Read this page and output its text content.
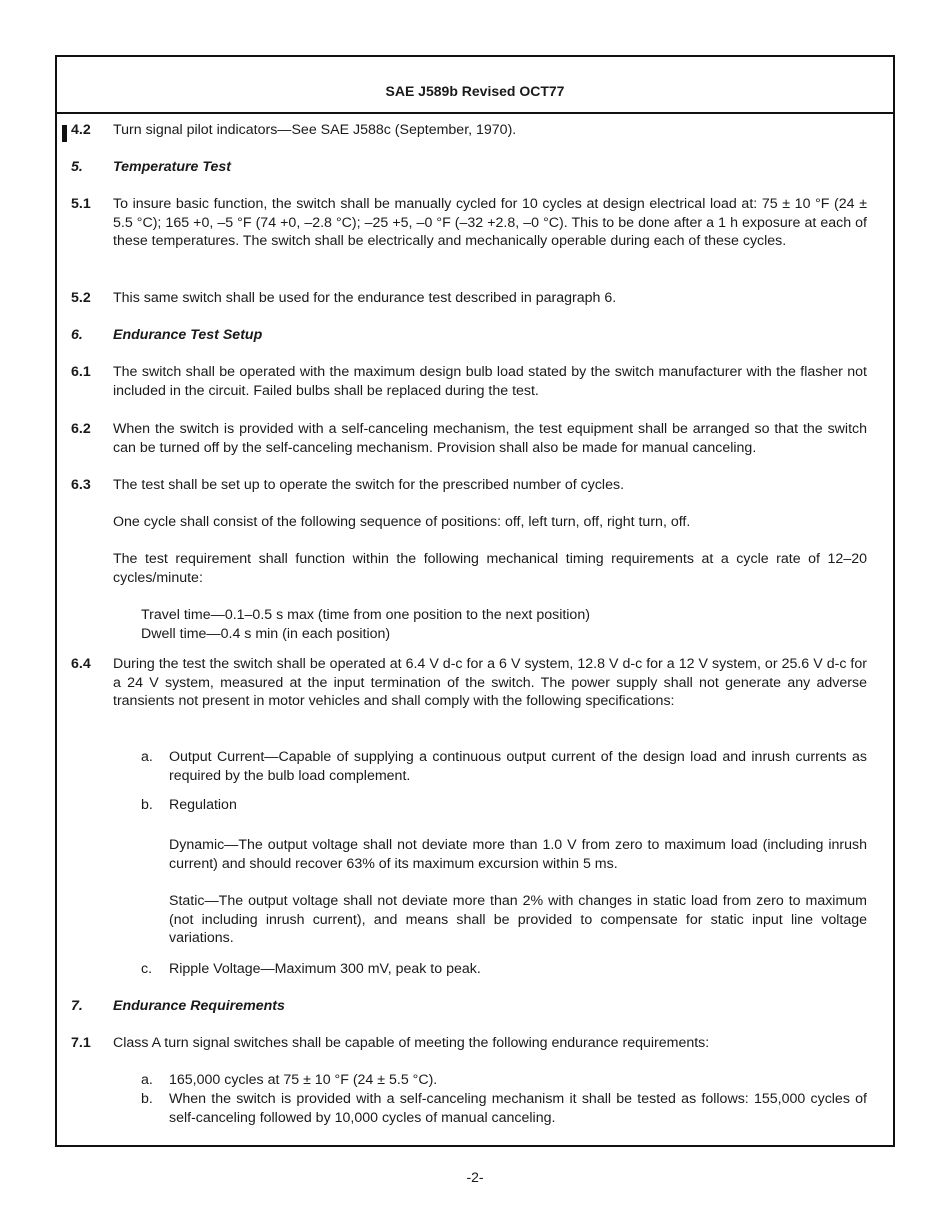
SAE J589b Revised OCT77
4.2 Turn signal pilot indicators—See SAE J588c (September, 1970).
5. Temperature Test
5.1 To insure basic function, the switch shall be manually cycled for 10 cycles at design electrical load at: 75 ± 10 °F (24 ± 5.5 °C); 165 +0, –5 °F (74 +0, –2.8 °C); –25 +5, –0 °F (–32 +2.8, –0 °C). This to be done after a 1 h exposure at each of these temperatures. The switch shall be electrically and mechanically operable during each of these cycles.
5.2 This same switch shall be used for the endurance test described in paragraph 6.
6. Endurance Test Setup
6.1 The switch shall be operated with the maximum design bulb load stated by the switch manufacturer with the flasher not included in the circuit. Failed bulbs shall be replaced during the test.
6.2 When the switch is provided with a self-canceling mechanism, the test equipment shall be arranged so that the switch can be turned off by the self-canceling mechanism. Provision shall also be made for manual canceling.
6.3 The test shall be set up to operate the switch for the prescribed number of cycles.
One cycle shall consist of the following sequence of positions: off, left turn, off, right turn, off.
The test requirement shall function within the following mechanical timing requirements at a cycle rate of 12–20 cycles/minute:
Travel time—0.1–0.5 s max (time from one position to the next position)
Dwell time—0.4 s min (in each position)
6.4 During the test the switch shall be operated at 6.4 V d-c for a 6 V system, 12.8 V d-c for a 12 V system, or 25.6 V d-c for a 24 V system, measured at the input termination of the switch. The power supply shall not generate any adverse transients not present in motor vehicles and shall comply with the following specifications:
a. Output Current—Capable of supplying a continuous output current of the design load and inrush currents as required by the bulb load complement.
b. Regulation
Dynamic—The output voltage shall not deviate more than 1.0 V from zero to maximum load (including inrush current) and should recover 63% of its maximum excursion within 5 ms.
Static—The output voltage shall not deviate more than 2% with changes in static load from zero to maximum (not including inrush current), and means shall be provided to compensate for static input line voltage variations.
c. Ripple Voltage—Maximum 300 mV, peak to peak.
7. Endurance Requirements
7.1 Class A turn signal switches shall be capable of meeting the following endurance requirements:
a. 165,000 cycles at 75 ± 10 °F (24 ± 5.5 °C).
b. When the switch is provided with a self-canceling mechanism it shall be tested as follows: 155,000 cycles of self-canceling followed by 10,000 cycles of manual canceling.
-2-
